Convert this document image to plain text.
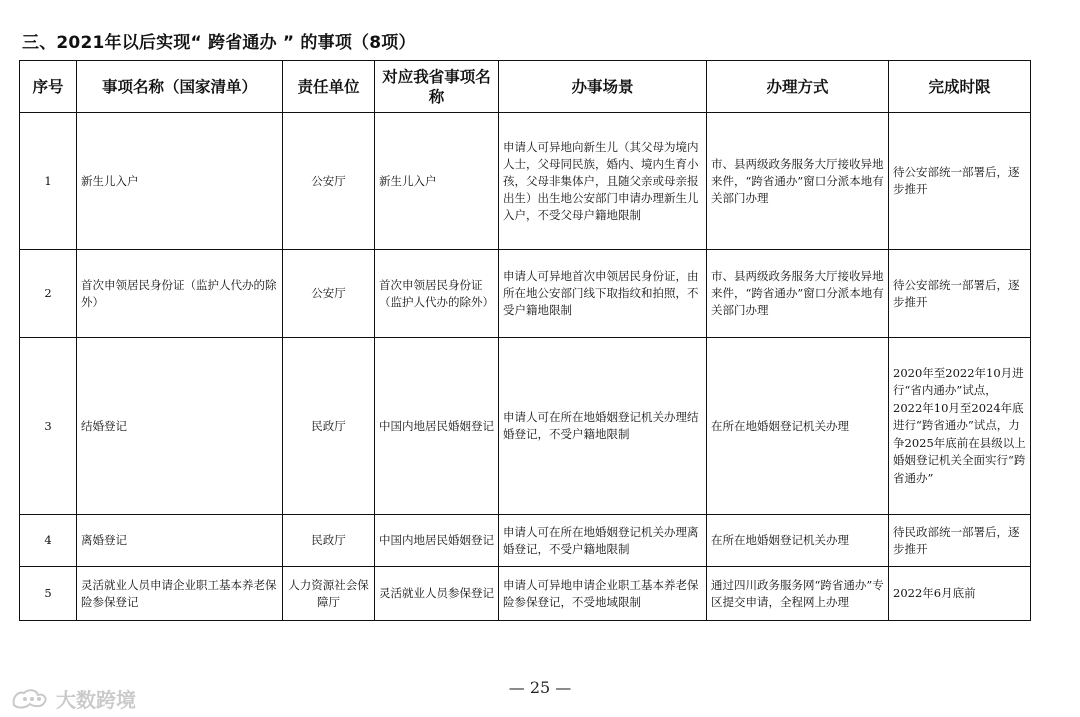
三、2021年以后实现“ 跨省通办 ” 的事项（8项）
序号	事项名称（国家清单）	责任单位	对应我省事项名称	办事场景	办理方式	完成时限
1	新生儿入户	公安厅	新生儿入户	申请人可异地向新生儿（其父母为境内人士，父母同民族，婚内、境内生育小孩，父母非集体户，且随父亲或母亲报出生）出生地公安部门申请办理新生儿入户，不受父母户籍地限制	市、县两级政务服务大厅接收异地来件，“跨省通办”窗口分派本地有关部门办理	待公安部统一部署后，逐步推开
2	首次申领居民身份证（监护人代办的除外）	公安厅	首次申领居民身份证（监护人代办的除外）	申请人可异地首次申领居民身份证，由所在地公安部门线下取指纹和拍照，不受户籍地限制	市、县两级政务服务大厅接收异地来件，“跨省通办”窗口分派本地有关部门办理	待公安部统一部署后，逐步推开
3	结婚登记	民政厅	中国内地居民婚姻登记	申请人可在所在地婚姻登记机关办理结婚登记，不受户籍地限制	在所在地婚姻登记机关办理	2020年至2022年10月进行“省内通办”试点，2022年10月至2024年底进行“跨省通办”试点，力争2025年底前在县级以上婚姻登记机关全面实行“跨省通办”
4	离婚登记	民政厅	中国内地居民婚姻登记	申请人可在所在地婚姻登记机关办理离婚登记，不受户籍地限制	在所在地婚姻登记机关办理	待民政部统一部署后，逐步推开
5	灵活就业人员申请企业职工基本养老保险参保登记	人力资源社会保障厅	灵活就业人员参保登记	申请人可异地申请企业职工基本养老保险参保登记，不受地域限制	通过四川政务服务网“跨省通办”专区提交申请，全程网上办理	2022年6月底前
— 25 —
大数跨境
